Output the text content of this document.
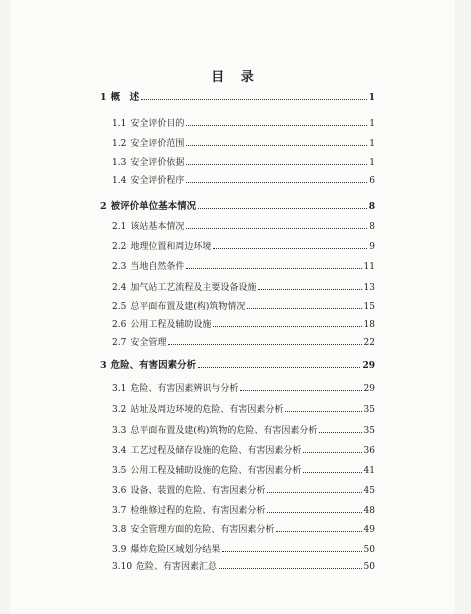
目 录
1 概　述	1
1.1 安全评价目的	1
1.2 安全评价范围	1
1.3 安全评价依据	1
1.4 安全评价程序	6
2 被评价单位基本情况	8
2.1 该站基本情况	8
2.2 地理位置和周边环境	9
2.3 当地自然条件	11
2.4 加气站工艺流程及主要设备设施	13
2.5 总平面布置及建(构)筑物情况	15
2.6 公用工程及辅助设施	18
2.7 安全管理	22
3 危险、有害因素分析	29
3.1 危险、有害因素辨识与分析	29
3.2 站址及周边环境的危险、有害因素分析	35
3.3 总平面布置及建(构)筑物的危险、有害因素分析	35
3.4 工艺过程及储存设施的危险、有害因素分析	36
3.5 公用工程及辅助设施的危险、有害因素分析	41
3.6 设备、装置的危险、有害因素分析	45
3.7 检维修过程的危险、有害因素分析	48
3.8 安全管理方面的危险、有害因素分析	49
3.9 爆炸危险区域划分结果	50
3.10 危险、有害因素汇总	50
